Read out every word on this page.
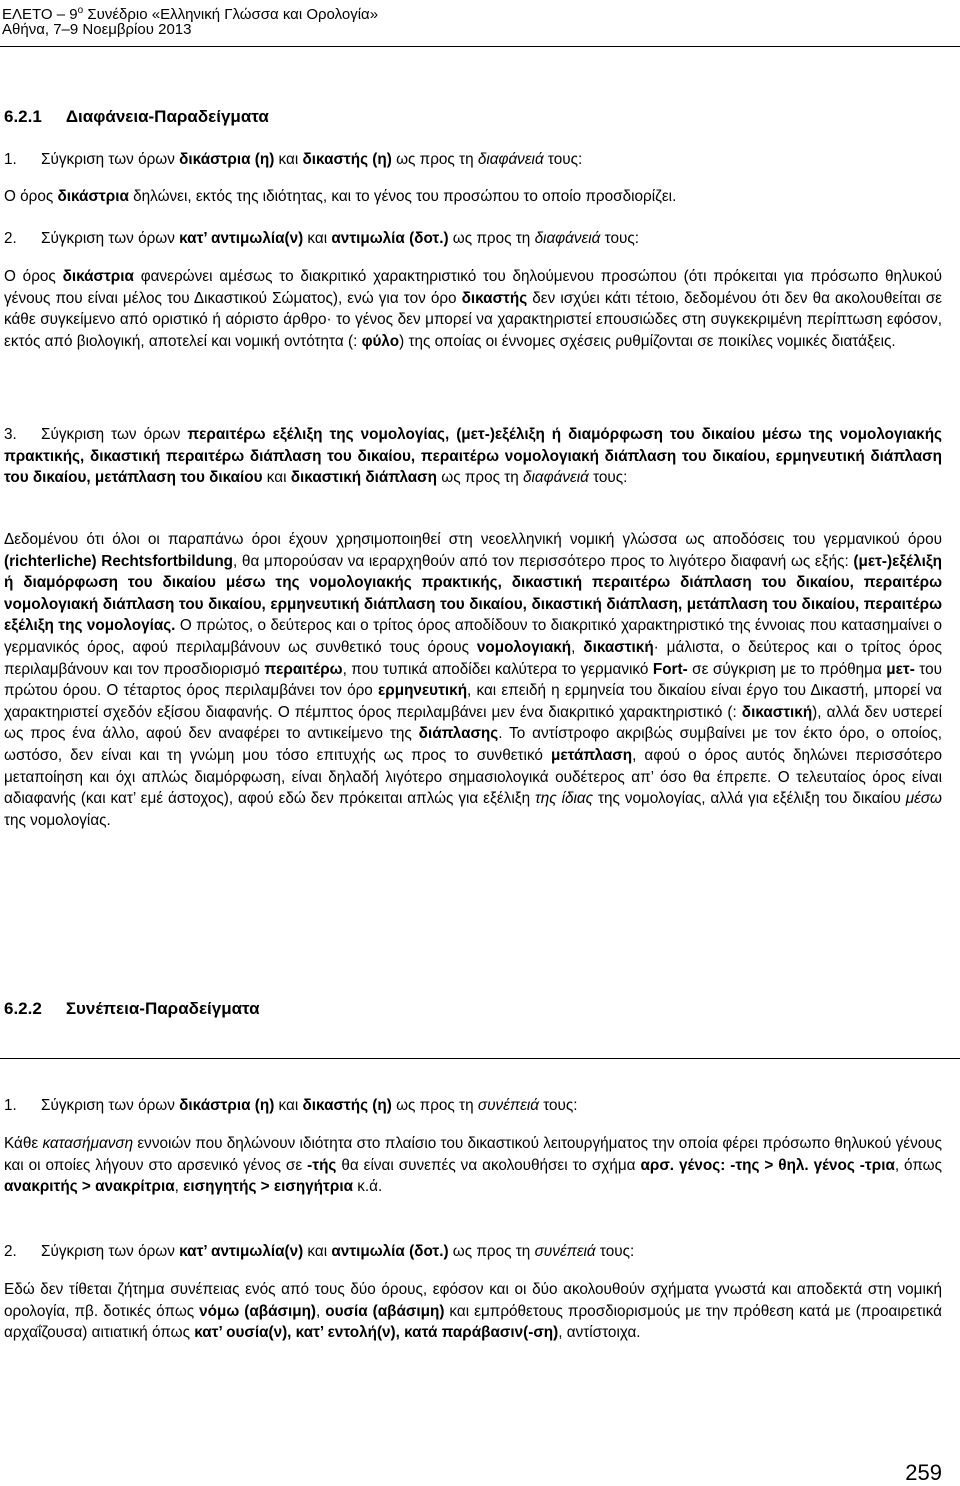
ΕΛΕΤΟ – $9^o$ Συνέδριο «Ελληνική Γλώσσα και Ορολογία»
Αθήνα, 7–9 Νοεμβρίου 2013
6.2.1 Διαφάνεια-Παραδείγματα
1. Σύγκριση των όρων δικάστρια (η) και δικαστής (η) ως προς τη διαφάνειά τους:
Ο όρος δικάστρια δηλώνει, εκτός της ιδιότητας, και το γένος του προσώπου το οποίο προσδιορίζει.
2. Σύγκριση των όρων κατ’ αντιμωλία(ν) και αντιμωλία (δοτ.) ως προς τη διαφάνειά τους:
Ο όρος δικάστρια φανερώνει αμέσως το διακριτικό χαρακτηριστικό του δηλούμενου προσώπου (ότι πρόκειται για πρόσωπο θηλυκού γένους που είναι μέλος του Δικαστικού Σώματος), ενώ για τον όρο δικαστής δεν ισχύει κάτι τέτοιο, δεδομένου ότι δεν θα ακολουθείται σε κάθε συγκείμενο από οριστικό ή αόριστο άρθρο· το γένος δεν μπορεί να χαρακτηριστεί επουσιώδες στη συγκεκριμένη περίπτωση εφόσον, εκτός από βιολογική, αποτελεί και νομική οντότητα (: φύλο) της οποίας οι έννομες σχέσεις ρυθμίζονται σε ποικίλες νομικές διατάξεις.
3. Σύγκριση των όρων περαιτέρω εξέλιξη της νομολογίας, (μετ-)εξέλιξη ή διαμόρφωση του δικαίου μέσω της νομολογιακής πρακτικής, δικαστική περαιτέρω διάπλαση του δικαίου, περαιτέρω νομολογιακή διάπλαση του δικαίου, ερμηνευτική διάπλαση του δικαίου, μετάπλαση του δικαίου και δικαστική διάπλαση ως προς τη διαφάνειά τους:
Δεδομένου ότι όλοι οι παραπάνω όροι έχουν χρησιμοποιηθεί στη νεοελληνική νομική γλώσσα ως αποδόσεις του γερμανικού όρου (richterliche) Rechtsfortbildung, θα μπορούσαν να ιεραρχηθούν από τον περισσότερο προς το λιγότερο διαφανή ως εξής: (μετ-)εξέλιξη ή διαμόρφωση του δικαίου μέσω της νομολογιακής πρακτικής, δικαστική περαιτέρω διάπλαση του δικαίου, περαιτέρω νομολογιακή διάπλαση του δικαίου, ερμηνευτική διάπλαση του δικαίου, δικαστική διάπλαση, μετάπλαση του δικαίου, περαιτέρω εξέλιξη της νομολογίας. Ο πρώτος, ο δεύτερος και ο τρίτος όρος αποδίδουν το διακριτικό χαρακτηριστικό της έννοιας που κατασημαίνει ο γερμανικός όρος, αφού περιλαμβάνουν ως συνθετικό τους όρους νομολογιακή, δικαστική· μάλιστα, ο δεύτερος και ο τρίτος όρος περιλαμβάνουν και τον προσδιορισμό περαιτέρω, που τυπικά αποδίδει καλύτερα το γερμανικό Fort- σε σύγκριση με το πρόθημα μετ- του πρώτου όρου. Ο τέταρτος όρος περιλαμβάνει τον όρο ερμηνευτική, και επειδή η ερμηνεία του δικαίου είναι έργο του Δικαστή, μπορεί να χαρακτηριστεί σχεδόν εξίσου διαφανής. Ο πέμπτος όρος περιλαμβάνει μεν ένα διακριτικό χαρακτηριστικό (: δικαστική), αλλά δεν υστερεί ως προς ένα άλλο, αφού δεν αναφέρει το αντικείμενο της διάπλασης. Το αντίστροφο ακριβώς συμβαίνει με τον έκτο όρο, ο οποίος, ωστόσο, δεν είναι και τη γνώμη μου τόσο επιτυχής ως προς το συνθετικό μετάπλαση, αφού ο όρος αυτός δηλώνει περισσότερο μεταποίηση και όχι απλώς διαμόρφωση, είναι δηλαδή λιγότερο σημασιολογικά ουδέτερος απ’ όσο θα έπρεπε. Ο τελευταίος όρος είναι αδιαφανής (και κατ’ εμέ άστοχος), αφού εδώ δεν πρόκειται απλώς για εξέλιξη της ίδιας της νομολογίας, αλλά για εξέλιξη του δικαίου μέσω της νομολογίας.
6.2.2 Συνέπεια-Παραδείγματα
1. Σύγκριση των όρων δικάστρια (η) και δικαστής (η) ως προς τη συνέπειά τους:
Κάθε κατασήμανση εννοιών που δηλώνουν ιδιότητα στο πλαίσιο του δικαστικού λειτουργήματος την οποία φέρει πρόσωπο θηλυκού γένους και οι οποίες λήγουν στο αρσενικό γένος σε -τής θα είναι συνεπές να ακολουθήσει το σχήμα αρσ. γένος: -της > θηλ. γένος -τρια, όπως ανακριτής > ανακρίτρια, εισηγητής > εισηγήτρια κ.ά.
2. Σύγκριση των όρων κατ’ αντιμωλία(ν) και αντιμωλία (δοτ.) ως προς τη συνέπειά τους:
Εδώ δεν τίθεται ζήτημα συνέπειας ενός από τους δύο όρους, εφόσον και οι δύο ακολουθούν σχήματα γνωστά και αποδεκτά στη νομική ορολογία, πβ. δοτικές όπως νόμω (αβάσιμη), ουσία (αβάσιμη) και εμπρόθετους προσδιορισμούς με την πρόθεση κατά με (προαιρετικά αρχαΐζουσα) αιτιατική όπως κατ’ ουσία(ν), κατ’ εντολή(ν), κατά παράβασιν(-ση), αντίστοιχα.
259
